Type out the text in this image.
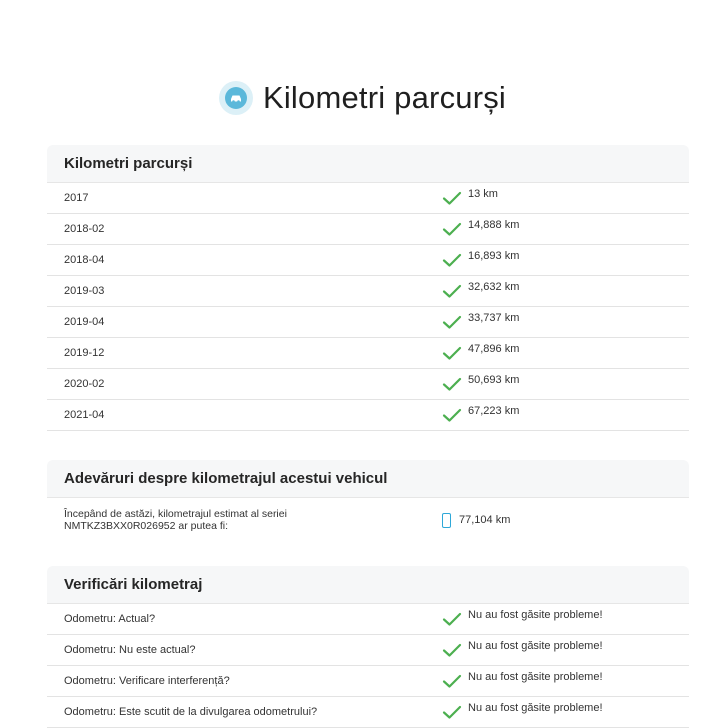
Kilometri parcurși
Kilometri parcurși
2017	13 km
2018-02	14,888 km
2018-04	16,893 km
2019-03	32,632 km
2019-04	33,737 km
2019-12	47,896 km
2020-02	50,693 km
2021-04	67,223 km
Adevăruri despre kilometrajul acestui vehicul
Începând de astăzi, kilometrajul estimat al seriei
NMTKZ3BXX0R026952 ar putea fi:	77,104 km
Verificări kilometraj
Odometru: Actual?	Nu au fost găsite probleme!
Odometru: Nu este actual?	Nu au fost găsite probleme!
Odometru: Verificare interferență?	Nu au fost găsite probleme!
Odometru: Este scutit de la divulgarea odometrului?	Nu au fost găsite probleme!
